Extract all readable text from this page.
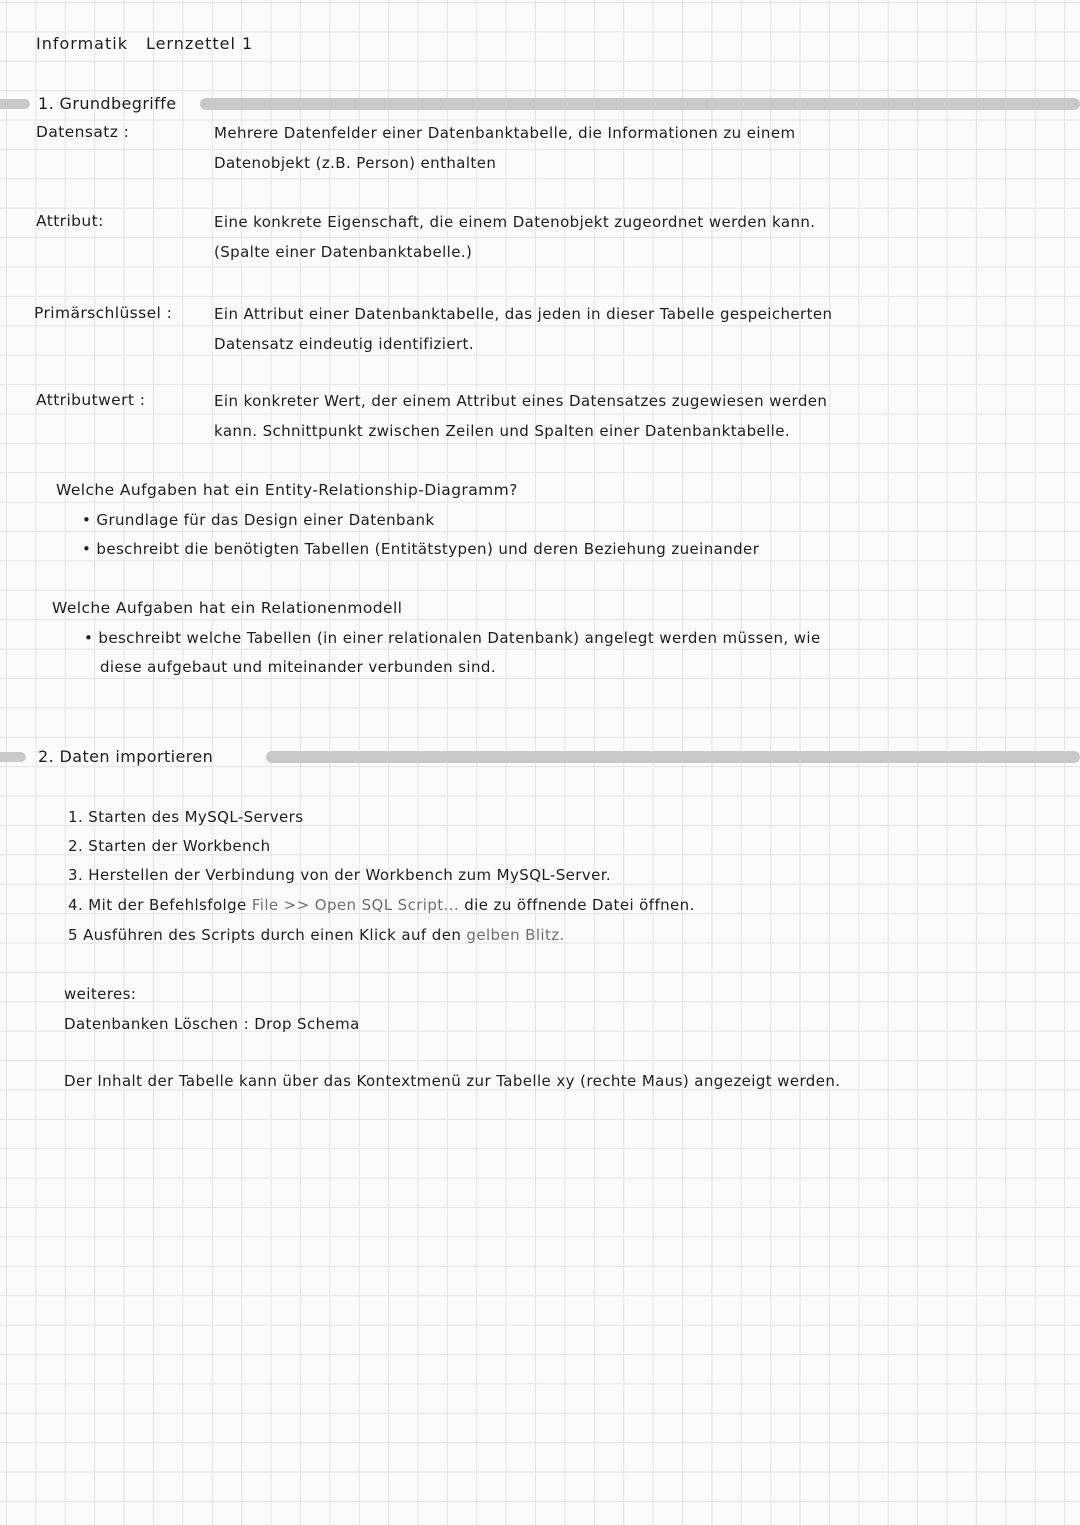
Informatik Lernzettel 1
1. Grundbegriffe
Datensatz :	Mehrere Datenfelder einer Datenbanktabelle, die Informationen zu einem
Datenobjekt (z.B. Person) enthalten
Attribut:	Eine konkrete Eigenschaft, die einem Datenobjekt zugeordnet werden kann.
(Spalte einer Datenbanktabelle.)
Primärschlüssel :	Ein Attribut einer Datenbanktabelle, das jeden in dieser Tabelle gespeicherten
Datensatz eindeutig identifiziert.
Attributwert :	Ein konkreter Wert, der einem Attribut eines Datensatzes zugewiesen werden
kann. Schnittpunkt zwischen Zeilen und Spalten einer Datenbanktabelle.
Welche Aufgaben hat ein Entity-Relationship-Diagramm?
• Grundlage für das Design einer Datenbank
• beschreibt die benötigten Tabellen (Entitätstypen) und deren Beziehung zueinander
Welche Aufgaben hat ein Relationenmodell
• beschreibt welche Tabellen (in einer relationalen Datenbank) angelegt werden müssen, wie
diese aufgebaut und miteinander verbunden sind.
2. Daten importieren
1. Starten des MySQL-Servers
2. Starten der Workbench
3. Herstellen der Verbindung von der Workbench zum MySQL-Server.
4. Mit der Befehlsfolge File >> Open SQL Script... die zu öffnende Datei öffnen.
5 Ausführen des Scripts durch einen Klick auf den gelben Blitz.
weiteres:
Datenbanken Löschen : Drop Schema
Der Inhalt der Tabelle kann über das Kontextmenü zur Tabelle xy (rechte Maus) angezeigt werden.
